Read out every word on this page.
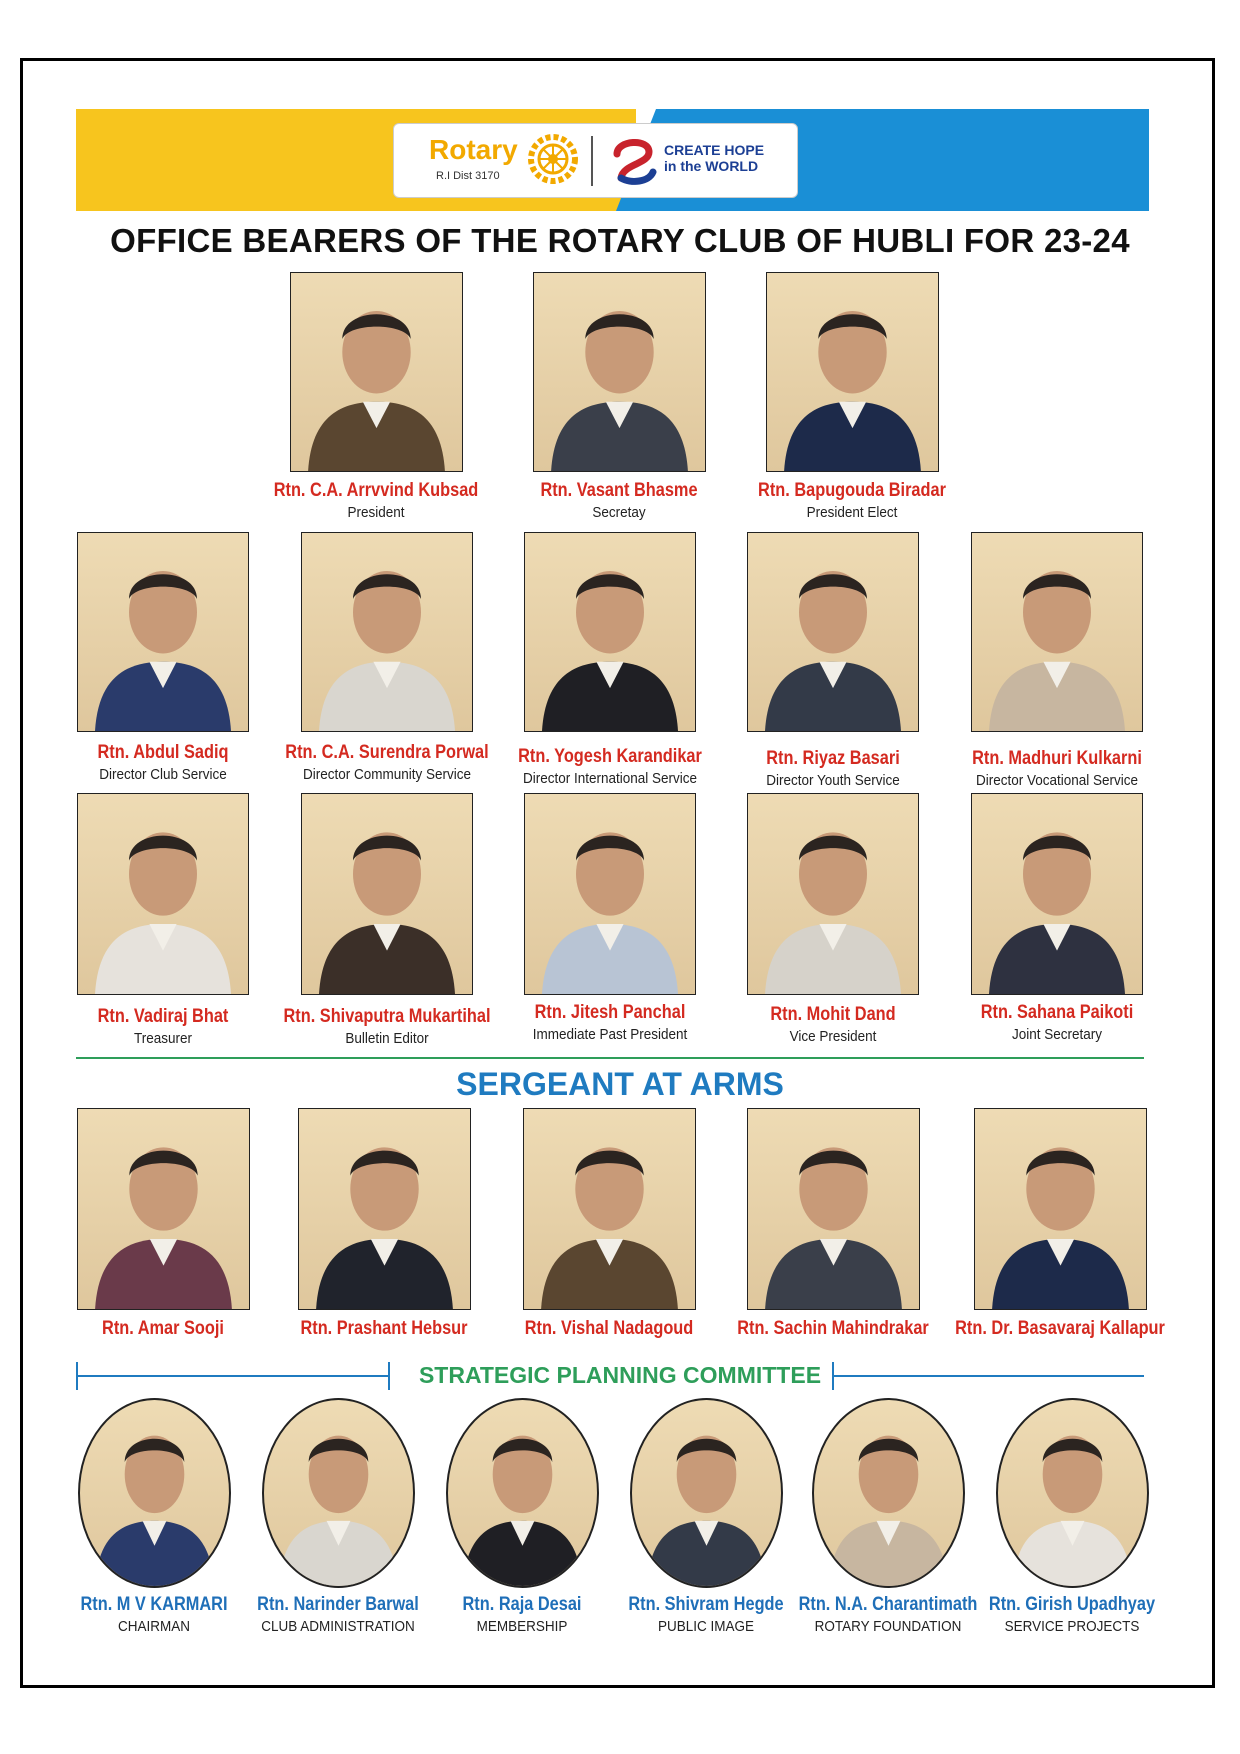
Rotary
R.I Dist 3170
CREATE HOPE
in the WORLD
OFFICE BEARERS OF THE ROTARY CLUB OF HUBLI FOR 23-24
Rtn. C.A. Arrvvind Kubsad
President
Rtn. Vasant Bhasme
Secretay
Rtn. Bapugouda Biradar
President Elect
Rtn. Abdul Sadiq
Director Club Service
Rtn. C.A. Surendra Porwal
Director Community Service
Rtn. Yogesh Karandikar
Director International Service
Rtn. Riyaz Basari
Director Youth Service
Rtn. Madhuri Kulkarni
Director Vocational Service
Rtn. Vadiraj Bhat
Treasurer
Rtn. Shivaputra Mukartihal
Bulletin Editor
Rtn. Jitesh Panchal
Immediate Past President
Rtn. Mohit Dand
Vice President
Rtn. Sahana Paikoti
Joint Secretary
Rtn. Amar Sooji	Rtn. Prashant Hebsur	Rtn. Vishal Nadagoud	Rtn. Sachin Mahindrakar	Rtn. Dr. Basavaraj Kallapur
Rtn. M V KARMARI
CHAIRMAN
Rtn. Narinder Barwal
CLUB ADMINISTRATION
Rtn. Raja Desai
MEMBERSHIP
Rtn. Shivram Hegde
PUBLIC IMAGE
Rtn. N.A. Charantimath
ROTARY FOUNDATION
Rtn. Girish Upadhyay
SERVICE PROJECTS
SERGEANT AT ARMS
STRATEGIC PLANNING COMMITTEE
